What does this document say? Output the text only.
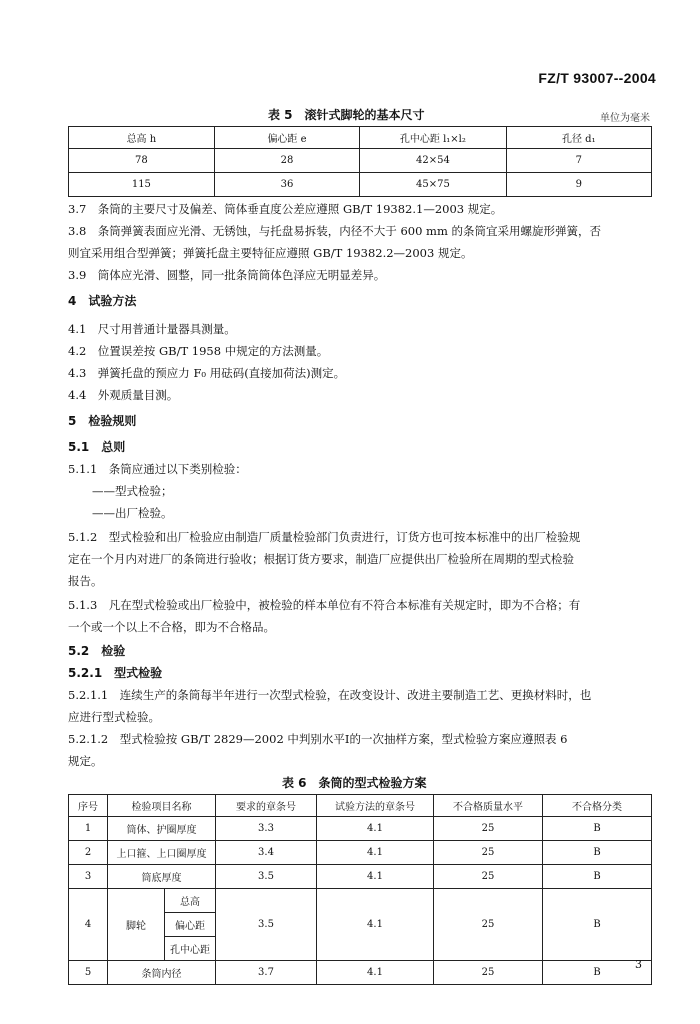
FZ/T 93007--2004
表 5　滚针式脚轮的基本尺寸	单位为毫米
总高 h	偏心距 e	孔中心距 l₁×l₂	孔径 d₁
78	28	42×54	7
115	36	45×75	9
3.7　条筒的主要尺寸及偏差、筒体垂直度公差应遵照 GB/T 19382.1—2003 规定。
3.8　条筒弹簧表面应光滑、无锈蚀，与托盘易拆装，内径不大于 600 mm 的条筒宜采用螺旋形弹簧，否
则宜采用组合型弹簧；弹簧托盘主要特征应遵照 GB/T 19382.2—2003 规定。
3.9　筒体应光滑、圆整，同一批条筒筒体色泽应无明显差异。
4　试验方法
4.1　尺寸用普通计量器具测量。
4.2　位置误差按 GB/T 1958 中规定的方法测量。
4.3　弹簧托盘的预应力 F₀ 用砝码(直接加荷法)测定。
4.4　外观质量目测。
5　检验规则
5.1　总则
5.1.1　条筒应通过以下类别检验：
——型式检验；
——出厂检验。
5.1.2　型式检验和出厂检验应由制造厂质量检验部门负责进行，订货方也可按本标准中的出厂检验规
定在一个月内对进厂的条筒进行验收；根据订货方要求，制造厂应提供出厂检验所在周期的型式检验
报告。
5.1.3　凡在型式检验或出厂检验中，被检验的样本单位有不符合本标准有关规定时，即为不合格；有
一个或一个以上不合格，即为不合格品。
5.2　检验
5.2.1　型式检验
5.2.1.1　连续生产的条筒每半年进行一次型式检验，在改变设计、改进主要制造工艺、更换材料时，也
应进行型式检验。
5.2.1.2　型式检验按 GB/T 2829—2002 中判别水平Ⅰ的一次抽样方案，型式检验方案应遵照表 6
规定。
表 6　条筒的型式检验方案
序号	检验项目名称		要求的章条号	试验方法的章条号	不合格质量水平	不合格分类
1	筒体、护圈厚度		3.3	4.1	25	B
2	上口箍、上口圈厚度		3.4	4.1	25	B
3	筒底厚度		3.5	4.1	25	B
4	脚轮	总高	3.5	4.1	25	B
		偏心距				
		孔中心距				
5	条筒内径		3.7	4.1	25	B
3
